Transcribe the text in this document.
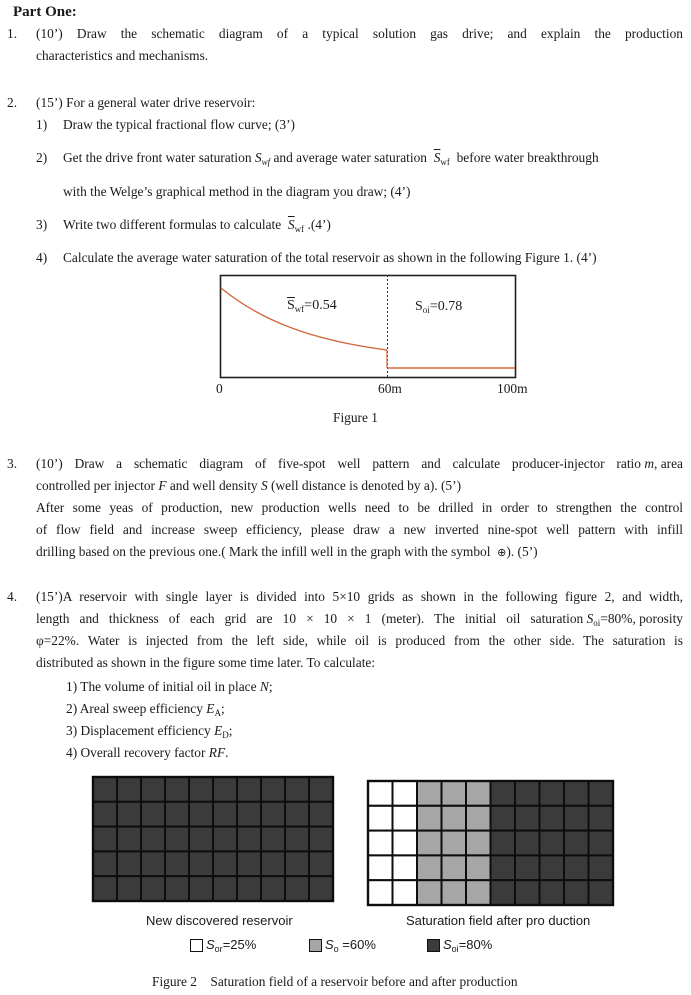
Part One:
1. (10’) Draw the schematic diagram of a typical solution gas drive; and explain the production
characteristics and mechanisms.
2. (15’) For a general water drive reservoir:
1) Draw the typical fractional flow curve; (3’)
2) Get the drive front water saturation $S_{wf}$ and average water saturation  $\overline{S}_{wf}$  before water breakthrough
with the Welge’s graphical method in the diagram you draw; (4’)
3) Write two different formulas to calculate  $\overline{S}_{wf}$ .(4’)
4) Calculate the average water saturation of the total reservoir as shown in the following Figure 1. (4’)
$\overline{S}_{wf}=0.54$	$S_{oi}=0.78$
0	60m	100m
Figure 1
3. (10’) Draw a schematic diagram of five-spot well pattern and calculate producer-injector ratio m, area
controlled per injector F and well density S (well distance is denoted by a). (5’)
After some yeas of production, new production wells need to be drilled in order to strengthen the control
of flow field and increase sweep efficiency, please draw a new inverted nine-spot well pattern with infill
drilling based on the previous one.( Mark the infill well in the graph with the symbol  ⊕). (5’)
4. (15’)A reservoir with single layer is divided into 5×10 grids as shown in the following figure 2, and width,
length and thickness of each grid are 10 × 10 × 1 (meter). The initial oil saturation $S_{oi}=80\%$, porosity
φ=22%. Water is injected from the left side, while oil is produced from the other side. The saturation is
distributed as shown in the figure some time later. To calculate:
1) The volume of initial oil in place N;
2) Areal sweep efficiency $E_A$;
3) Displacement efficiency $E_D$;
4) Overall recovery factor RF.
New discovered reservoir	Saturation field after pro duction
$S_{or}=25\%$	$S_o =60\%$	$S_{oi}=80\%$
Figure 2    Saturation field of a reservoir before and after production
